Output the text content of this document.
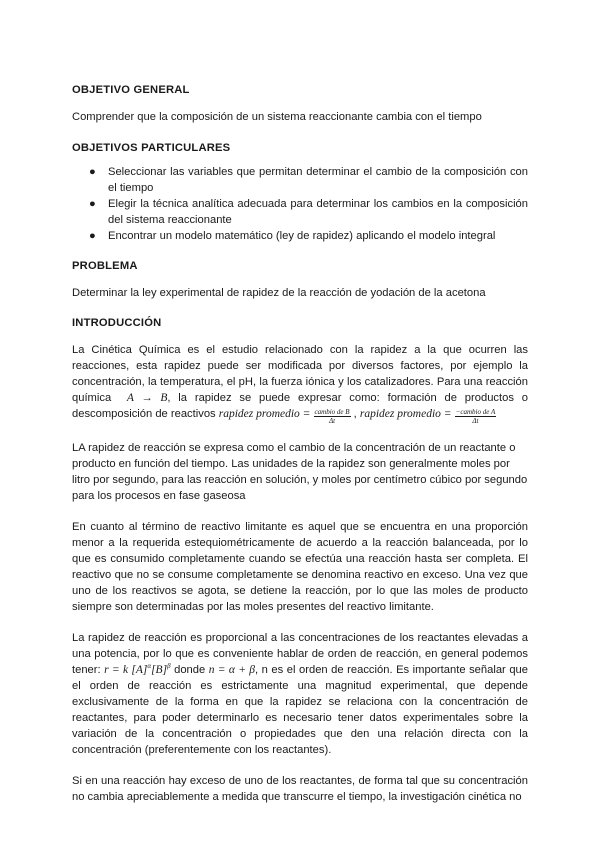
OBJETIVO GENERAL

Comprender que la composición de un sistema reaccionante cambia con el tiempo

OBJETIVOS PARTICULARES
● Seleccionar las variables que permitan determinar el cambio de la composición con el tiempo
● Elegir la técnica analítica adecuada para determinar los cambios en la composición del sistema reaccionante
● Encontrar un modelo matemático (ley de rapidez) aplicando el modelo integral
PROBLEMA

Determinar la ley experimental de rapidez de la reacción de yodación de la acetona

INTRODUCCIÓN

La Cinética Química es el estudio relacionado con la rapidez a la que ocurren las reacciones, esta rapidez puede ser modificada por diversos factores, por ejemplo la concentración, la temperatura, el pH, la fuerza iónica y los catalizadores. Para una reacción química A → B, la rapidez se puede expresar como: formación de productos o descomposición de reactivos rapidez promedio = $\frac{\text{cambio de B}}{\Delta t}$ , rapidez promedio = $\frac{\text{−cambio de A}}{\Delta t}$

LA rapidez de reacción se expresa como el cambio de la concentración de un reactante o producto en función del tiempo. Las unidades de la rapidez son generalmente moles por litro por segundo, para las reacción en solución, y moles por centímetro cúbico por segundo para los procesos en fase gaseosa

En cuanto al término de reactivo limitante es aquel que se encuentra en una proporción menor a la requerida estequiométricamente de acuerdo a la reacción balanceada, por lo que es consumido completamente cuando se efectúa una reacción hasta ser completa. El reactivo que no se consume completamente se denomina reactivo en exceso. Una vez que uno de los reactivos se agota, se detiene la reacción, por lo que las moles de producto siempre son determinadas por las moles presentes del reactivo limitante.

La rapidez de reacción es proporcional a las concentraciones de los reactantes elevadas a una potencia, por lo que es conveniente hablar de orden de reacción, en general podemos tener: r = k $[A]^\alpha[B]^\beta$ donde n = α + β, n es el orden de reacción. Es importante señalar que el orden de reacción es estrictamente una magnitud experimental, que depende exclusivamente de la forma en que la rapidez se relaciona con la concentración de reactantes, para poder determinarlo es necesario tener datos experimentales sobre la variación de la concentración o propiedades que den una relación directa con la concentración (preferentemente con los reactantes).

Si en una reacción hay exceso de uno de los reactantes, de forma tal que su concentración no cambia apreciablemente a medida que transcurre el tiempo, la investigación cinética no
